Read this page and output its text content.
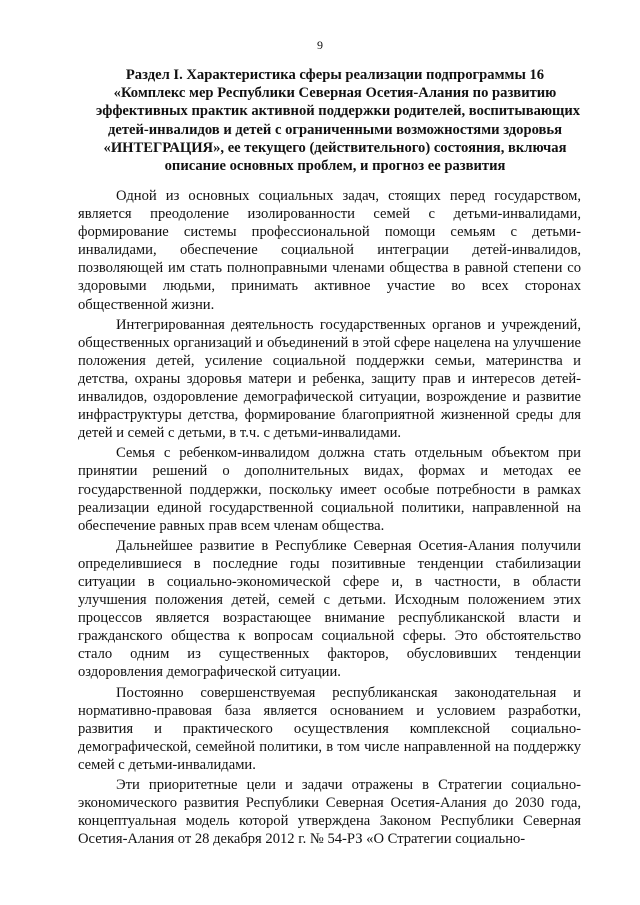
9
Раздел I. Характеристика сферы реализации подпрограммы 16
«Комплекс мер Республики Северная Осетия-Алания по развитию
эффективных практик активной поддержки родителей, воспитывающих
детей-инвалидов и детей с ограниченными возможностями здоровья
«ИНТЕГРАЦИЯ», ее текущего (действительного) состояния, включая
описание основных проблем, и прогноз ее развития

Одной из основных социальных задач, стоящих перед государством, является преодоление изолированности семей с детьми-инвалидами, формирование системы профессиональной помощи семьям с детьми-инвалидами, обеспечение социальной интеграции детей-инвалидов, позволяющей им стать полноправными членами общества в равной степени со здоровыми людьми, принимать активное участие во всех сторонах общественной жизни.

Интегрированная деятельность государственных органов и учреждений, общественных организаций и объединений в этой сфере нацелена на улучшение положения детей, усиление социальной поддержки семьи, материнства и детства, охраны здоровья матери и ребенка, защиту прав и интересов детей-инвалидов, оздоровление демографической ситуации, возрождение и развитие инфраструктуры детства, формирование благоприятной жизненной среды для детей и семей с детьми, в т.ч. с детьми-инвалидами.

Семья с ребенком-инвалидом должна стать отдельным объектом при принятии решений о дополнительных видах, формах и методах ее государственной поддержки, поскольку имеет особые потребности в рамках реализации единой государственной социальной политики, направленной на обеспечение равных прав всем членам общества.

Дальнейшее развитие в Республике Северная Осетия-Алания получили определившиеся в последние годы позитивные тенденции стабилизации ситуации в социально-экономической сфере и, в частности, в области улучшения положения детей, семей с детьми. Исходным положением этих процессов является возрастающее внимание республиканской власти и гражданского общества к вопросам социальной сферы. Это обстоятельство стало одним из существенных факторов, обусловивших тенденции оздоровления демографической ситуации.

Постоянно совершенствуемая республиканская законодательная и нормативно-правовая база является основанием и условием разработки, развития и практического осуществления комплексной социально-демографической, семейной политики, в том числе направленной на поддержку семей с детьми-инвалидами.

Эти приоритетные цели и задачи отражены в Стратегии социально-экономического развития Республики Северная Осетия-Алания до 2030 года, концептуальная модель которой утверждена Законом Республики Северная Осетия-Алания от 28 декабря 2012 г. № 54-РЗ «О Стратегии социально-
